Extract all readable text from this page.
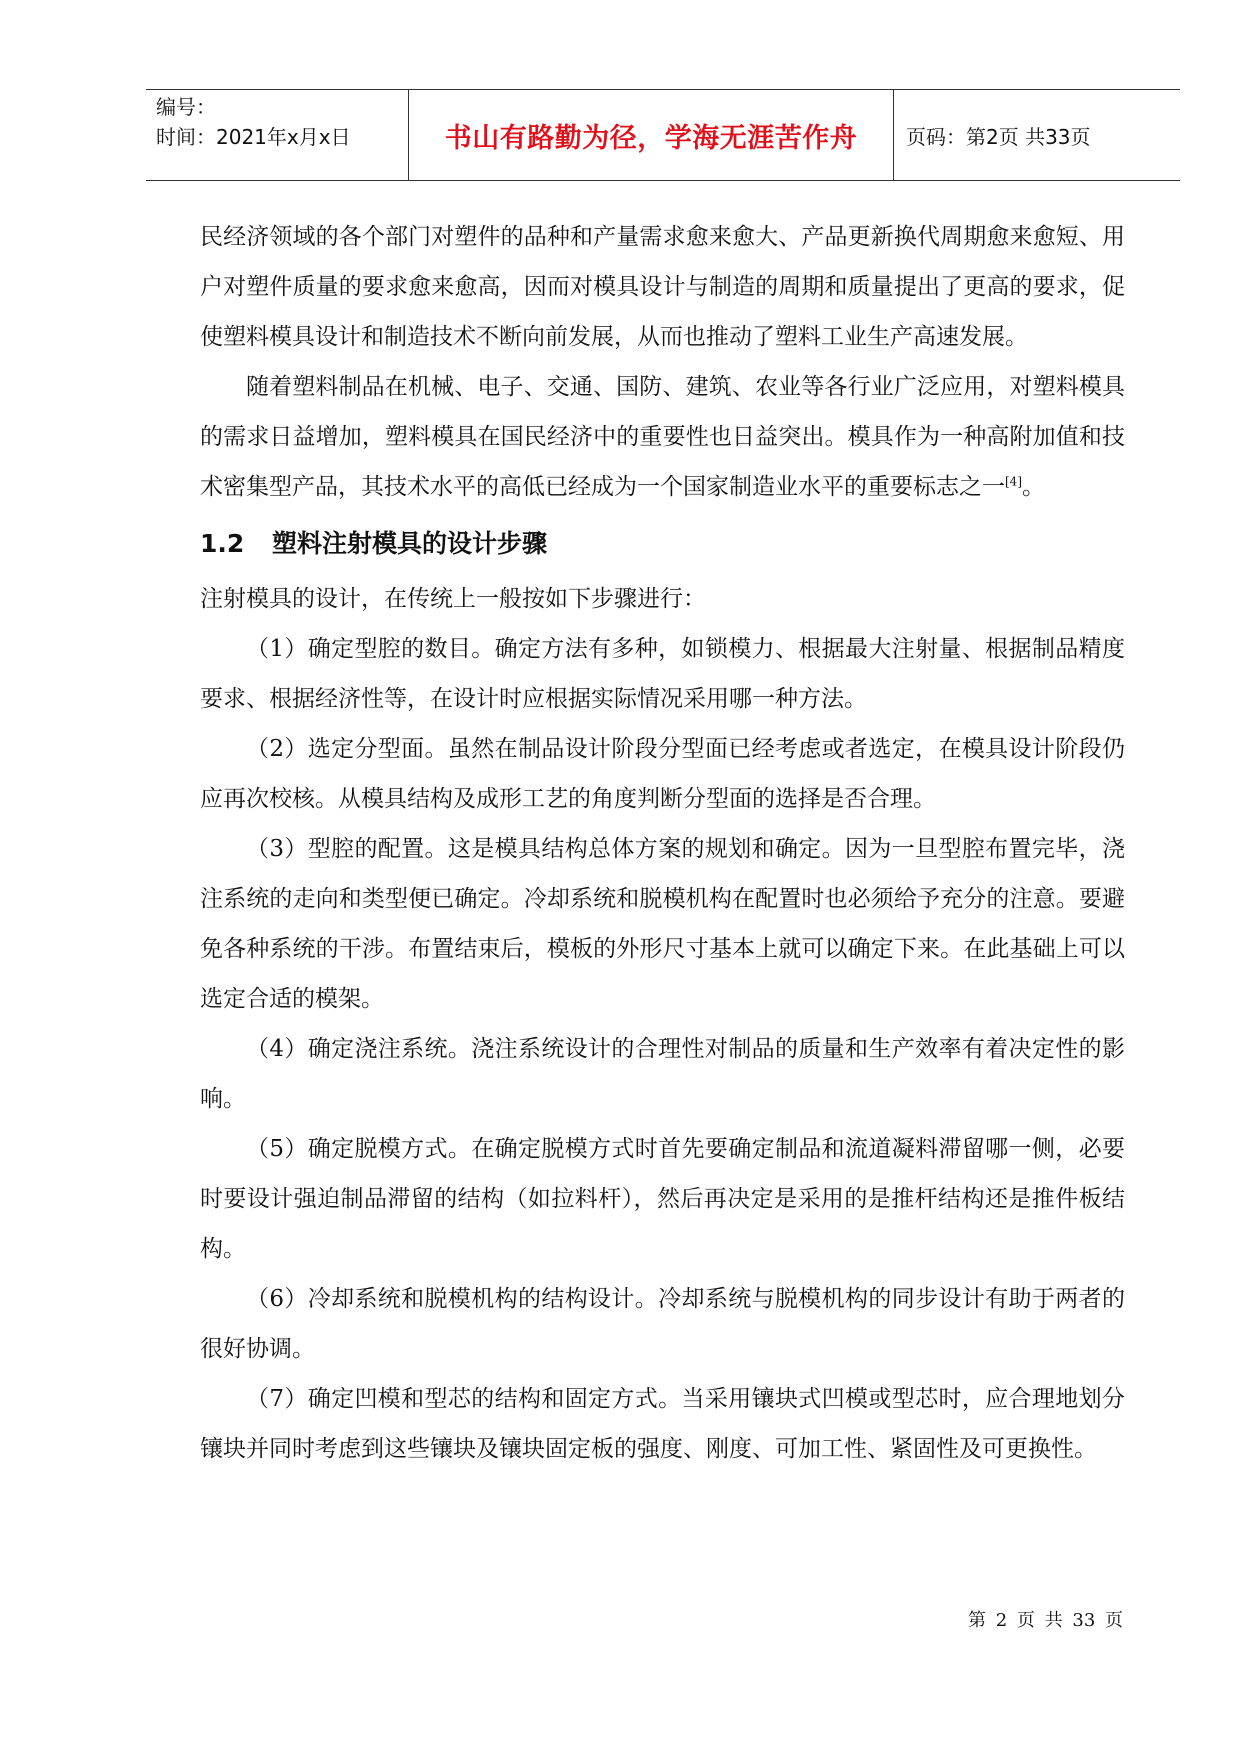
编号：
时间：2021年x月x日	书山有路勤为径，学海无涯苦作舟 页码：第2页 共33页

民经济领域的各个部门对塑件的品种和产量需求愈来愈大、产品更新换代周期愈来愈短、用户对塑件质量的要求愈来愈高，因而对模具设计与制造的周期和质量提出了更高的要求，促使塑料模具设计和制造技术不断向前发展，从而也推动了塑料工业生产高速发展。

随着塑料制品在机械、电子、交通、国防、建筑、农业等各行业广泛应用，对塑料模具的需求日益增加，塑料模具在国民经济中的重要性也日益突出。模具作为一种高附加值和技术密集型产品，其技术水平的高低已经成为一个国家制造业水平的重要标志之一[4]。

1.2 塑料注射模具的设计步骤

注射模具的设计，在传统上一般按如下步骤进行：

（1）确定型腔的数目。确定方法有多种，如锁模力、根据最大注射量、根据制品精度要求、根据经济性等，在设计时应根据实际情况采用哪一种方法。

（2）选定分型面。虽然在制品设计阶段分型面已经考虑或者选定，在模具设计阶段仍应再次校核。从模具结构及成形工艺的角度判断分型面的选择是否合理。

（3）型腔的配置。这是模具结构总体方案的规划和确定。因为一旦型腔布置完毕，浇注系统的走向和类型便已确定。冷却系统和脱模机构在配置时也必须给予充分的注意。要避免各种系统的干涉。布置结束后，模板的外形尺寸基本上就可以确定下来。在此基础上可以选定合适的模架。

（4）确定浇注系统。浇注系统设计的合理性对制品的质量和生产效率有着决定性的影响。

（5）确定脱模方式。在确定脱模方式时首先要确定制品和流道凝料滞留哪一侧，必要时要设计强迫制品滞留的结构（如拉料杆），然后再决定是采用的是推杆结构还是推件板结构。

（6）冷却系统和脱模机构的结构设计。冷却系统与脱模机构的同步设计有助于两者的很好协调。

（7）确定凹模和型芯的结构和固定方式。当采用镶块式凹模或型芯时，应合理地划分镶块并同时考虑到这些镶块及镶块固定板的强度、刚度、可加工性、紧固性及可更换性。

第 2 页 共 33 页
